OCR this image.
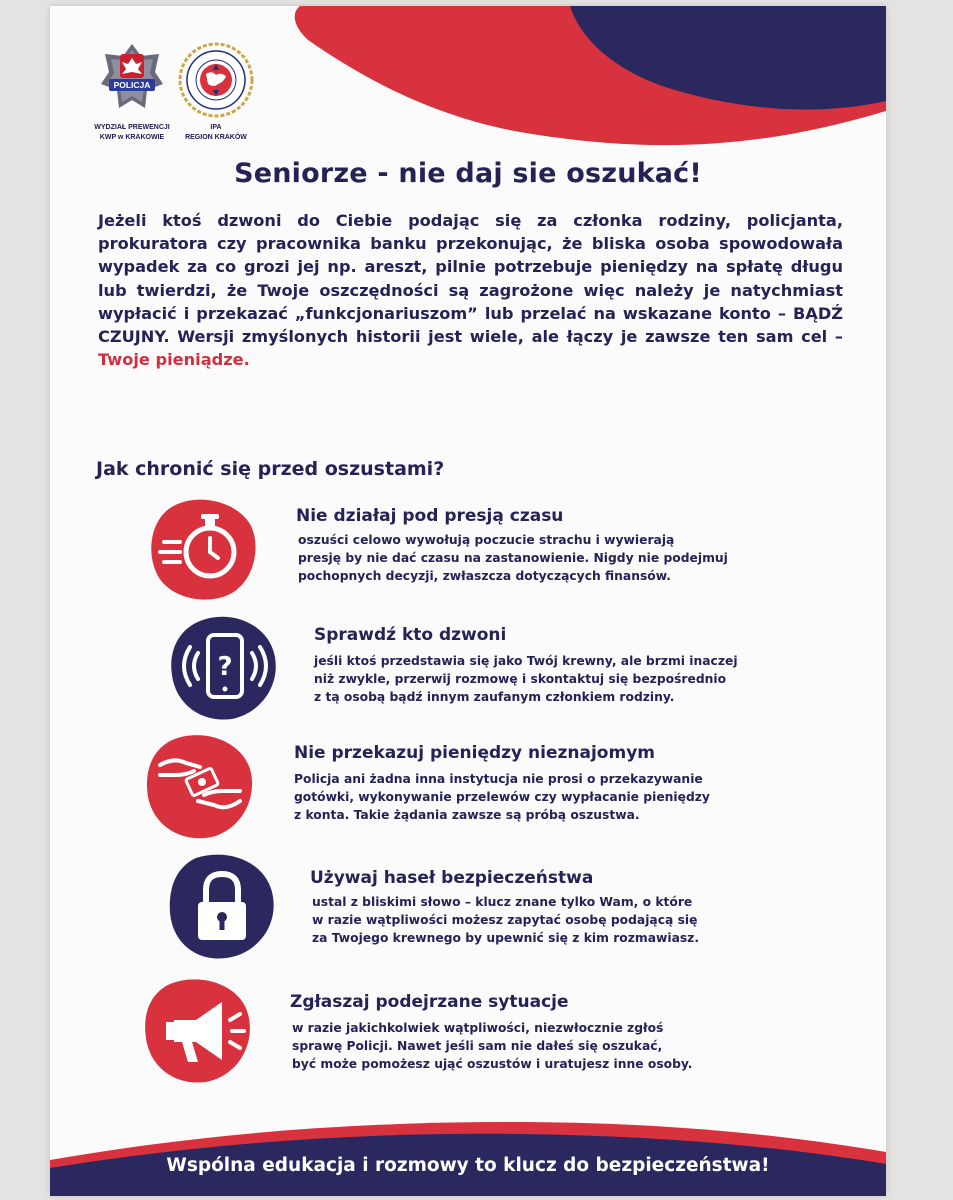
POLICJA
WYDZIAŁ PREWENCJI
KWP w KRAKOWIE
IPA
REGION KRAKÓW
Seniorze - nie daj sie oszukać!

Jeżeli ktoś dzwoni do Ciebie podając się za członka rodziny, policjanta, prokuratora czy pracownika banku przekonując, że bliska osoba spowodowała wypadek za co grozi jej np. areszt, pilnie potrzebuje pieniędzy na spłatę długu lub twierdzi, że Twoje oszczędności są zagrożone więc należy je natychmiast wypłacić i przekazać „funkcjonariuszom” lub przelać na wskazane konto – BĄDŹ CZUJNY. Wersji zmyślonych historii jest wiele, ale łączy je zawsze ten sam cel – Twoje pieniądze.

Jak chronić się przed oszustami?
Nie działaj pod presją czasu
oszuści celowo wywołują poczucie strachu i wywierają
presję by nie dać czasu na zastanowienie. Nigdy nie podejmuj
pochopnych decyzji, zwłaszcza dotyczących finansów.
?
Sprawdź kto dzwoni
jeśli ktoś przedstawia się jako Twój krewny, ale brzmi inaczej
niż zwykle, przerwij rozmowę i skontaktuj się bezpośrednio
z tą osobą bądź innym zaufanym członkiem rodziny.
Nie przekazuj pieniędzy nieznajomym
Policja ani żadna inna instytucja nie prosi o przekazywanie
gotówki, wykonywanie przelewów czy wypłacanie pieniędzy
z konta. Takie żądania zawsze są próbą oszustwa.
Używaj haseł bezpieczeństwa
ustal z bliskimi słowo – klucz znane tylko Wam, o które
w razie wątpliwości możesz zapytać osobę podającą się
za Twojego krewnego by upewnić się z kim rozmawiasz.
Zgłaszaj podejrzane sytuacje
w razie jakichkolwiek wątpliwości, niezwłocznie zgłoś
sprawę Policji. Nawet jeśli sam nie dałeś się oszukać,
być może pomożesz ująć oszustów i uratujesz inne osoby.
Wspólna edukacja i rozmowy to klucz do bezpieczeństwa!
